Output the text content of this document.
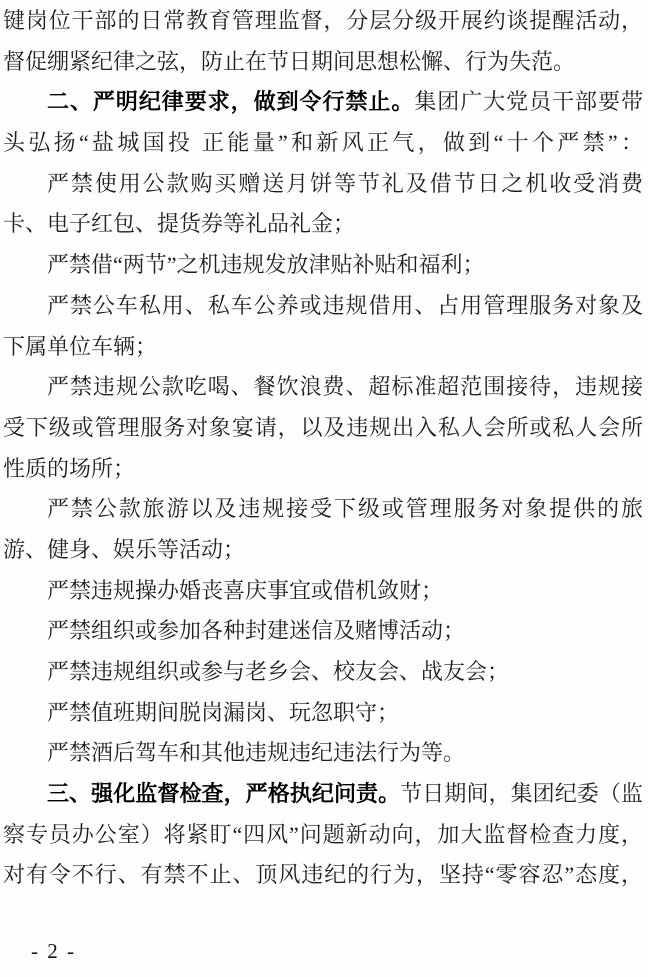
键岗位干部的日常教育管理监督，分层分级开展约谈提醒活动，
督促绷紧纪律之弦，防止在节日期间思想松懈、行为失范。
二、严明纪律要求，做到令行禁止。集团广大党员干部要带
头弘扬“盐城国投 正能量”和新风正气，做到“十个严禁”：
严禁使用公款购买赠送月饼等节礼及借节日之机收受消费
卡、电子红包、提货券等礼品礼金；
严禁借“两节”之机违规发放津贴补贴和福利；
严禁公车私用、私车公养或违规借用、占用管理服务对象及
下属单位车辆；
严禁违规公款吃喝、餐饮浪费、超标准超范围接待，违规接
受下级或管理服务对象宴请，以及违规出入私人会所或私人会所
性质的场所；
严禁公款旅游以及违规接受下级或管理服务对象提供的旅
游、健身、娱乐等活动；
严禁违规操办婚丧喜庆事宜或借机敛财；
严禁组织或参加各种封建迷信及赌博活动；
严禁违规组织或参与老乡会、校友会、战友会；
严禁值班期间脱岗漏岗、玩忽职守；
严禁酒后驾车和其他违规违纪违法行为等。
三、强化监督检查，严格执纪问责。节日期间，集团纪委（监
察专员办公室）将紧盯“四风”问题新动向，加大监督检查力度，
对有令不行、有禁不止、顶风违纪的行为，坚持“零容忍”态度，
- 2 -
